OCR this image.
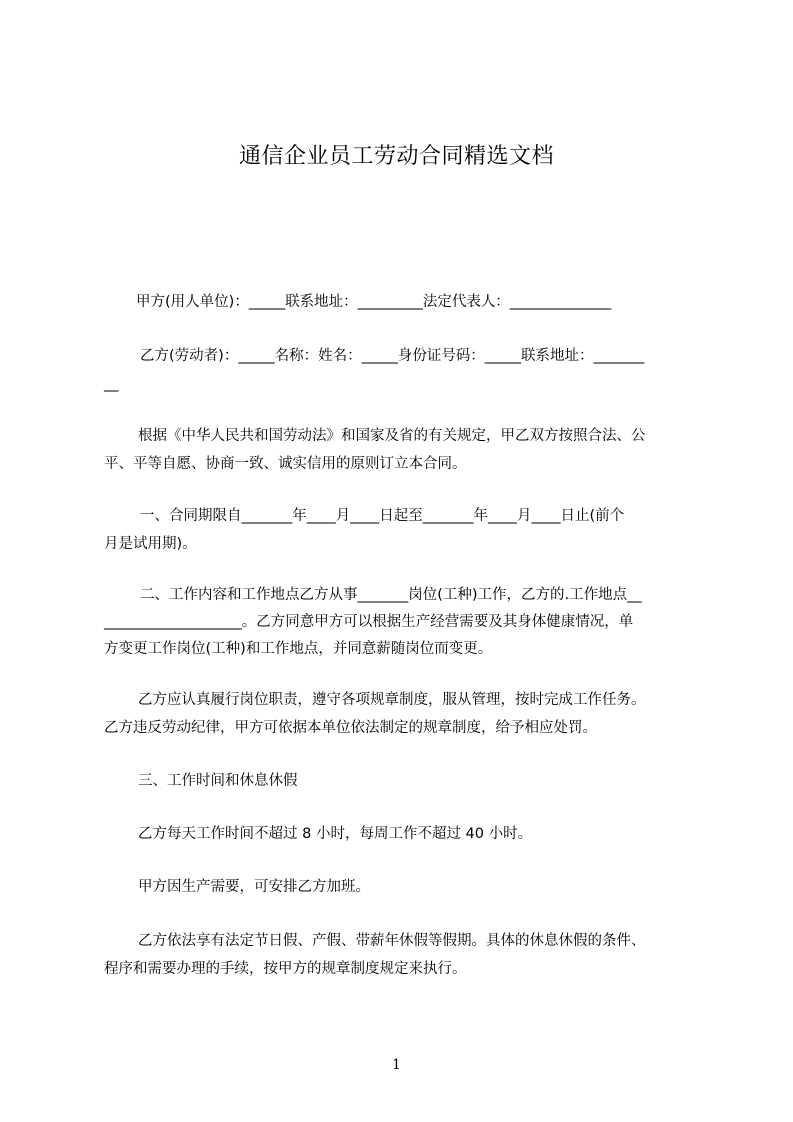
通信企业员工劳动合同精选文档
甲方(用人单位)：_____联系地址：_________法定代表人：______________
乙方(劳动者)：_____名称：姓名：_____身份证号码：_____联系地址：_______
__
根据《中华人民共和国劳动法》和国家及省的有关规定，甲乙双方按照合法、公
平、平等自愿、协商一致、诚实信用的原则订立本合同。
一、合同期限自_______年____月____日起至_______年____月____日止(前个
月是试用期)。
二、工作内容和工作地点乙方从事_______岗位(工种)工作，乙方的.工作地点__
___________________。乙方同意甲方可以根据生产经营需要及其身体健康情况，单
方变更工作岗位(工种)和工作地点，并同意薪随岗位而变更。
乙方应认真履行岗位职责，遵守各项规章制度，服从管理，按时完成工作任务。
乙方违反劳动纪律，甲方可依据本单位依法制定的规章制度，给予相应处罚。
三、工作时间和休息休假
乙方每天工作时间不超过 8 小时，每周工作不超过 40 小时。
甲方因生产需要，可安排乙方加班。
乙方依法享有法定节日假、产假、带薪年休假等假期。具体的休息休假的条件、
程序和需要办理的手续，按甲方的规章制度规定来执行。
1
